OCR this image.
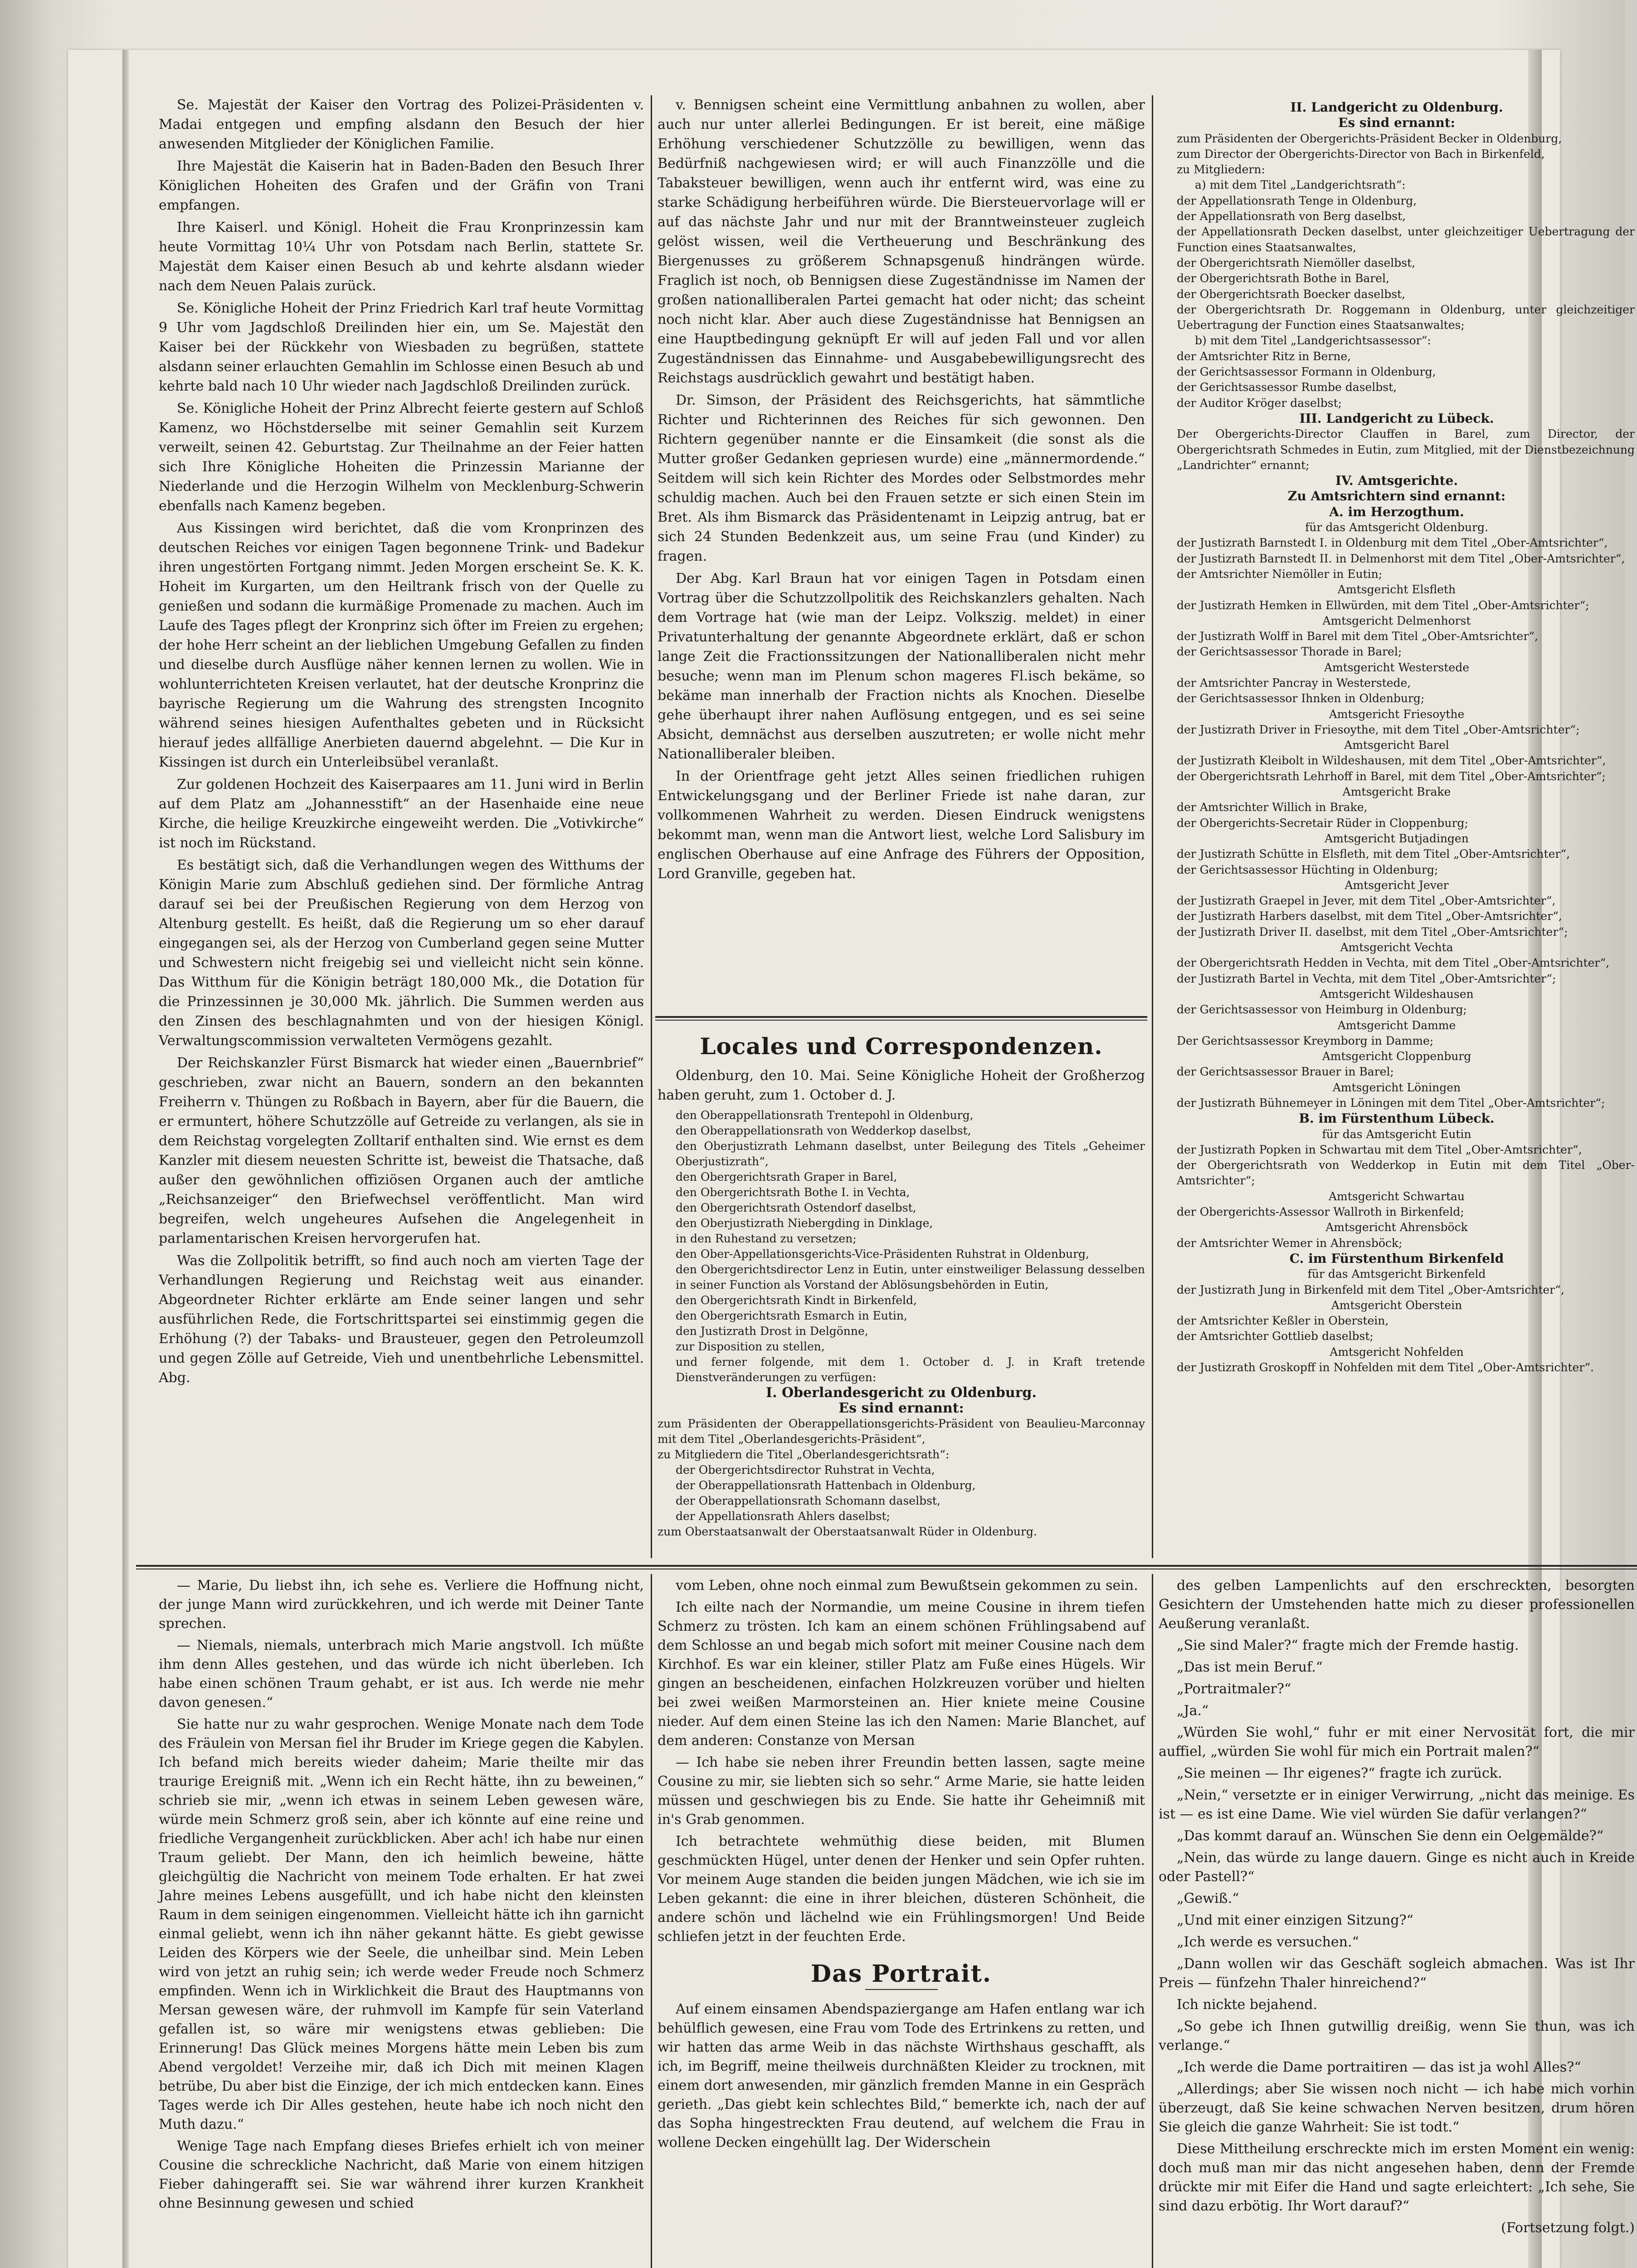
Se. Majestät der Kaiser den Vortrag des Polizei-Präsidenten v. Madai entgegen und empfing alsdann den Besuch der hier anwesenden Mitglieder der Königlichen Familie.

Ihre Majestät die Kaiserin hat in Baden-Baden den Besuch Ihrer Königlichen Hoheiten des Grafen und der Gräfin von Trani empfangen.

Ihre Kaiserl. und Königl. Hoheit die Frau Kronprinzessin kam heute Vormittag 10¼ Uhr von Potsdam nach Berlin, stattete Sr. Majestät dem Kaiser einen Besuch ab und kehrte alsdann wieder nach dem Neuen Palais zurück.

Se. Königliche Hoheit der Prinz Friedrich Karl traf heute Vormittag 9 Uhr vom Jagdschloß Dreilinden hier ein, um Se. Majestät den Kaiser bei der Rückkehr von Wiesbaden zu begrüßen, stattete alsdann seiner erlauchten Gemahlin im Schlosse einen Besuch ab und kehrte bald nach 10 Uhr wieder nach Jagdschloß Dreilinden zurück.

Se. Königliche Hoheit der Prinz Albrecht feierte gestern auf Schloß Kamenz, wo Höchstderselbe mit seiner Gemahlin seit Kurzem verweilt, seinen 42. Geburtstag. Zur Theilnahme an der Feier hatten sich Ihre Königliche Hoheiten die Prinzessin Marianne der Niederlande und die Herzogin Wilhelm von Mecklenburg-Schwerin ebenfalls nach Kamenz begeben.

Aus Kissingen wird berichtet, daß die vom Kronprinzen des deutschen Reiches vor einigen Tagen begonnene Trink- und Badekur ihren ungestörten Fortgang nimmt. Jeden Morgen erscheint Se. K. K. Hoheit im Kurgarten, um den Heiltrank frisch von der Quelle zu genießen und sodann die kurmäßige Promenade zu machen. Auch im Laufe des Tages pflegt der Kronprinz sich öfter im Freien zu ergehen; der hohe Herr scheint an der lieblichen Umgebung Gefallen zu finden und dieselbe durch Ausflüge näher kennen lernen zu wollen. Wie in wohlunterrichteten Kreisen verlautet, hat der deutsche Kronprinz die bayrische Regierung um die Wahrung des strengsten Incognito während seines hiesigen Aufenthaltes gebeten und in Rücksicht hierauf jedes allfällige Anerbieten dauernd abgelehnt. — Die Kur in Kissingen ist durch ein Unterleibsübel veranlaßt.

Zur goldenen Hochzeit des Kaiserpaares am 11. Juni wird in Berlin auf dem Platz am „Johannesstift“ an der Hasenhaide eine neue Kirche, die heilige Kreuzkirche eingeweiht werden. Die „Votivkirche“ ist noch im Rückstand.

Es bestätigt sich, daß die Verhandlungen wegen des Witthums der Königin Marie zum Abschluß gediehen sind. Der förmliche Antrag darauf sei bei der Preußischen Regierung von dem Herzog von Altenburg gestellt. Es heißt, daß die Regierung um so eher darauf eingegangen sei, als der Herzog von Cumberland gegen seine Mutter und Schwestern nicht freigebig sei und vielleicht nicht sein könne. Das Witthum für die Königin beträgt 180,000 Mk., die Dotation für die Prinzessinnen je 30,000 Mk. jährlich. Die Summen werden aus den Zinsen des beschlagnahmten und von der hiesigen Königl. Verwaltungscommission verwalteten Vermögens gezahlt.

Der Reichskanzler Fürst Bismarck hat wieder einen „Bauernbrief“ geschrieben, zwar nicht an Bauern, sondern an den bekannten Freiherrn v. Thüngen zu Roßbach in Bayern, aber für die Bauern, die er ermuntert, höhere Schutzzölle auf Getreide zu verlangen, als sie in dem Reichstag vorgelegten Zolltarif enthalten sind. Wie ernst es dem Kanzler mit diesem neuesten Schritte ist, beweist die Thatsache, daß außer den gewöhnlichen offiziösen Organen auch der amtliche „Reichsanzeiger“ den Briefwechsel veröffentlicht. Man wird begreifen, welch ungeheures Aufsehen die Angelegenheit in parlamentarischen Kreisen hervorgerufen hat.

Was die Zollpolitik betrifft, so find auch noch am vierten Tage der Verhandlungen Regierung und Reichstag weit aus einander. Abgeordneter Richter erklärte am Ende seiner langen und sehr ausführlichen Rede, die Fortschrittspartei sei einstimmig gegen die Erhöhung (?) der Tabaks- und Brausteuer, gegen den Petroleumzoll und gegen Zölle auf Getreide, Vieh und unentbehrliche Lebensmittel. Abg.

v. Bennigsen scheint eine Vermittlung anbahnen zu wollen, aber auch nur unter allerlei Bedingungen. Er ist bereit, eine mäßige Erhöhung verschiedener Schutzzölle zu bewilligen, wenn das Bedürfniß nachgewiesen wird; er will auch Finanzzölle und die Tabaksteuer bewilligen, wenn auch ihr entfernt wird, was eine zu starke Schädigung herbeiführen würde. Die Biersteuervorlage will er auf das nächste Jahr und nur mit der Branntweinsteuer zugleich gelöst wissen, weil die Vertheuerung und Beschränkung des Biergenusses zu größerem Schnapsgenuß hindrängen würde. Fraglich ist noch, ob Bennigsen diese Zugeständnisse im Namen der großen nationalliberalen Partei gemacht hat oder nicht; das scheint noch nicht klar. Aber auch diese Zugeständnisse hat Bennigsen an eine Hauptbedingung geknüpft Er will auf jeden Fall und vor allen Zugeständnissen das Einnahme- und Ausgabebewilligungsrecht des Reichstags ausdrücklich gewahrt und bestätigt haben.

Dr. Simson, der Präsident des Reichsgerichts, hat sämmtliche Richter und Richterinnen des Reiches für sich gewonnen. Den Richtern gegenüber nannte er die Einsamkeit (die sonst als die Mutter großer Gedanken gepriesen wurde) eine „männermordende.“ Seitdem will sich kein Richter des Mordes oder Selbstmordes mehr schuldig machen. Auch bei den Frauen setzte er sich einen Stein im Bret. Als ihm Bismarck das Präsidentenamt in Leipzig antrug, bat er sich 24 Stunden Bedenkzeit aus, um seine Frau (und Kinder) zu fragen.

Der Abg. Karl Braun hat vor einigen Tagen in Potsdam einen Vortrag über die Schutzzollpolitik des Reichskanzlers gehalten. Nach dem Vortrage hat (wie man der Leipz. Volkszig. meldet) in einer Privatunterhaltung der genannte Abgeordnete erklärt, daß er schon lange Zeit die Fractionssitzungen der Nationalliberalen nicht mehr besuche; wenn man im Plenum schon mageres Fl.isch bekäme, so bekäme man innerhalb der Fraction nichts als Knochen. Dieselbe gehe überhaupt ihrer nahen Auflösung entgegen, und es sei seine Absicht, demnächst aus derselben auszutreten; er wolle nicht mehr Nationalliberaler bleiben.

In der Orientfrage geht jetzt Alles seinen friedlichen ruhigen Entwickelungsgang und der Berliner Friede ist nahe daran, zur vollkommenen Wahrheit zu werden. Diesen Eindruck wenigstens bekommt man, wenn man die Antwort liest, welche Lord Salisbury im englischen Oberhause auf eine Anfrage des Führers der Opposition, Lord Granville, gegeben hat.

Locales und Correspondenzen.

Oldenburg, den 10. Mai. Seine Königliche Hoheit der Großherzog haben geruht, zum 1. October d. J.

den Oberappellationsrath Trentepohl in Oldenburg,

den Oberappellationsrath von Wedderkop daselbst,

den Oberjustizrath Lehmann daselbst, unter Beilegung des Titels „Geheimer Oberjustizrath“,

den Obergerichtsrath Graper in Barel,

den Obergerichtsrath Bothe I. in Vechta,

den Obergerichtsrath Ostendorf daselbst,

den Oberjustizrath Niebergding in Dinklage,

in den Ruhestand zu versetzen;

den Ober-Appellationsgerichts-Vice-Präsidenten Ruhstrat in Oldenburg,

den Obergerichtsdirector Lenz in Eutin, unter einstweiliger Belassung desselben in seiner Function als Vorstand der Ablösungsbehörden in Eutin,

den Obergerichtsrath Kindt in Birkenfeld,

den Obergerichtsrath Esmarch in Eutin,

den Justizrath Drost in Delgönne,

zur Disposition zu stellen,

und ferner folgende, mit dem 1. October d. J. in Kraft tretende Dienstveränderungen zu verfügen:

I. Oberlandesgericht zu Oldenburg.

Es sind ernannt:

zum Präsidenten der Oberappellationsgerichts-Präsident von Beaulieu-Marconnay mit dem Titel „Oberlandesgerichts-Präsident“,

zu Mitgliedern die Titel „Oberlandesgerichtsrath“:

der Obergerichtsdirector Ruhstrat in Vechta,

der Oberappellationsrath Hattenbach in Oldenburg,

der Oberappellationsrath Schomann daselbst,

der Appellationsrath Ahlers daselbst;

zum Oberstaatsanwalt der Oberstaatsanwalt Rüder in Oldenburg.

II. Landgericht zu Oldenburg.

Es sind ernannt:

zum Präsidenten der Obergerichts-Präsident Becker in Oldenburg,

zum Director der Obergerichts-Director von Bach in Birkenfeld,

zu Mitgliedern:

a) mit dem Titel „Landgerichtsrath“:

der Appellationsrath Tenge in Oldenburg,

der Appellationsrath von Berg daselbst,

der Appellationsrath Decken daselbst, unter gleichzeitiger Uebertragung der Function eines Staatsanwaltes,

der Obergerichtsrath Niemöller daselbst,

der Obergerichtsrath Bothe in Barel,

der Obergerichtsrath Boecker daselbst,

der Obergerichtsrath Dr. Roggemann in Oldenburg, unter gleichzeitiger Uebertragung der Function eines Staatsanwaltes;

b) mit dem Titel „Landgerichtsassessor“:

der Amtsrichter Ritz in Berne,

der Gerichtsassessor Formann in Oldenburg,

der Gerichtsassessor Rumbe daselbst,

der Auditor Kröger daselbst;

III. Landgericht zu Lübeck.

Der Obergerichts-Director Clauffen in Barel, zum Director, der Obergerichtsrath Schmedes in Eutin, zum Mitglied, mit der Dienstbezeichnung „Landrichter“ ernannt;

IV. Amtsgerichte.

Zu Amtsrichtern sind ernannt:

A. im Herzogthum.

für das Amtsgericht Oldenburg.

der Justizrath Barnstedt I. in Oldenburg mit dem Titel „Ober-Amtsrichter“,

der Justizrath Barnstedt II. in Delmenhorst mit dem Titel „Ober-Amtsrichter“,

der Amtsrichter Niemöller in Eutin;

Amtsgericht Elsfleth

der Justizrath Hemken in Ellwürden, mit dem Titel „Ober-Amtsrichter“;

Amtsgericht Delmenhorst

der Justizrath Wolff in Barel mit dem Titel „Ober-Amtsrichter“,

der Gerichtsassessor Thorade in Barel;

Amtsgericht Westerstede

der Amtsrichter Pancray in Westerstede,

der Gerichtsassessor Ihnken in Oldenburg;

Amtsgericht Friesoythe

der Justizrath Driver in Friesoythe, mit dem Titel „Ober-Amtsrichter“;

Amtsgericht Barel

der Justizrath Kleibolt in Wildeshausen, mit dem Titel „Ober-Amtsrichter“,

der Obergerichtsrath Lehrhoff in Barel, mit dem Titel „Ober-Amtsrichter“;

Amtsgericht Brake

der Amtsrichter Willich in Brake,

der Obergerichts-Secretair Rüder in Cloppenburg;

Amtsgericht Butjadingen

der Justizrath Schütte in Elsfleth, mit dem Titel „Ober-Amtsrichter“,

der Gerichtsassessor Hüchting in Oldenburg;

Amtsgericht Jever

der Justizrath Graepel in Jever, mit dem Titel „Ober-Amtsrichter“,

der Justizrath Harbers daselbst, mit dem Titel „Ober-Amtsrichter“,

der Justizrath Driver II. daselbst, mit dem Titel „Ober-Amtsrichter“;

Amtsgericht Vechta

der Obergerichtsrath Hedden in Vechta, mit dem Titel „Ober-Amtsrichter“,

der Justizrath Bartel in Vechta, mit dem Titel „Ober-Amtsrichter“;

Amtsgericht Wildeshausen

der Gerichtsassessor von Heimburg in Oldenburg;

Amtsgericht Damme

Der Gerichtsassessor Kreymborg in Damme;

Amtsgericht Cloppenburg

der Gerichtsassessor Brauer in Barel;

Amtsgericht Löningen

der Justizrath Bühnemeyer in Löningen mit dem Titel „Ober-Amtsrichter“;

B. im Fürstenthum Lübeck.

für das Amtsgericht Eutin

der Justizrath Popken in Schwartau mit dem Titel „Ober-Amtsrichter“,

der Obergerichtsrath von Wedderkop in Eutin mit dem Titel „Ober-Amtsrichter“;

Amtsgericht Schwartau

der Obergerichts-Assessor Wallroth in Birkenfeld;

Amtsgericht Ahrensböck

der Amtsrichter Wemer in Ahrensböck;

C. im Fürstenthum Birkenfeld

für das Amtsgericht Birkenfeld

der Justizrath Jung in Birkenfeld mit dem Titel „Ober-Amtsrichter“,

Amtsgericht Oberstein

der Amtsrichter Keßler in Oberstein,

der Amtsrichter Gottlieb daselbst;

Amtsgericht Nohfelden

der Justizrath Groskopff in Nohfelden mit dem Titel „Ober-Amtsrichter“.

— Marie, Du liebst ihn, ich sehe es. Verliere die Hoffnung nicht, der junge Mann wird zurückkehren, und ich werde mit Deiner Tante sprechen.

— Niemals, niemals, unterbrach mich Marie angstvoll. Ich müßte ihm denn Alles gestehen, und das würde ich nicht überleben. Ich habe einen schönen Traum gehabt, er ist aus. Ich werde nie mehr davon genesen.“

Sie hatte nur zu wahr gesprochen. Wenige Monate nach dem Tode des Fräulein von Mersan fiel ihr Bruder im Kriege gegen die Kabylen. Ich befand mich bereits wieder daheim; Marie theilte mir das traurige Ereigniß mit. „Wenn ich ein Recht hätte, ihn zu beweinen,“ schrieb sie mir, „wenn ich etwas in seinem Leben gewesen wäre, würde mein Schmerz groß sein, aber ich könnte auf eine reine und friedliche Vergangenheit zurückblicken. Aber ach! ich habe nur einen Traum geliebt. Der Mann, den ich heimlich beweine, hätte gleichgültig die Nachricht von meinem Tode erhalten. Er hat zwei Jahre meines Lebens ausgefüllt, und ich habe nicht den kleinsten Raum in dem seinigen eingenommen. Vielleicht hätte ich ihn garnicht einmal geliebt, wenn ich ihn näher gekannt hätte. Es giebt gewisse Leiden des Körpers wie der Seele, die unheilbar sind. Mein Leben wird von jetzt an ruhig sein; ich werde weder Freude noch Schmerz empfinden. Wenn ich in Wirklichkeit die Braut des Hauptmanns von Mersan gewesen wäre, der ruhmvoll im Kampfe für sein Vaterland gefallen ist, so wäre mir wenigstens etwas geblieben: Die Erinnerung! Das Glück meines Morgens hätte mein Leben bis zum Abend vergoldet! Verzeihe mir, daß ich Dich mit meinen Klagen betrübe, Du aber bist die Einzige, der ich mich entdecken kann. Eines Tages werde ich Dir Alles gestehen, heute habe ich noch nicht den Muth dazu.“

Wenige Tage nach Empfang dieses Briefes erhielt ich von meiner Cousine die schreckliche Nachricht, daß Marie von einem hitzigen Fieber dahingerafft sei. Sie war während ihrer kurzen Krankheit ohne Besinnung gewesen und schied

vom Leben, ohne noch einmal zum Bewußtsein gekommen zu sein.

Ich eilte nach der Normandie, um meine Cousine in ihrem tiefen Schmerz zu trösten. Ich kam an einem schönen Frühlingsabend auf dem Schlosse an und begab mich sofort mit meiner Cousine nach dem Kirchhof. Es war ein kleiner, stiller Platz am Fuße eines Hügels. Wir gingen an bescheidenen, einfachen Holzkreuzen vorüber und hielten bei zwei weißen Marmorsteinen an. Hier kniete meine Cousine nieder. Auf dem einen Steine las ich den Namen: Marie Blanchet, auf dem anderen: Constanze von Mersan

— Ich habe sie neben ihrer Freundin betten lassen, sagte meine Cousine zu mir, sie liebten sich so sehr.“ Arme Marie, sie hatte leiden müssen und geschwiegen bis zu Ende. Sie hatte ihr Geheimniß mit in's Grab genommen.

Ich betrachtete wehmüthig diese beiden, mit Blumen geschmückten Hügel, unter denen der Henker und sein Opfer ruhten. Vor meinem Auge standen die beiden jungen Mädchen, wie ich sie im Leben gekannt: die eine in ihrer bleichen, düsteren Schönheit, die andere schön und lächelnd wie ein Frühlingsmorgen! Und Beide schliefen jetzt in der feuchten Erde.

Das Portrait.

Auf einem einsamen Abendspaziergange am Hafen entlang war ich behülflich gewesen, eine Frau vom Tode des Ertrinkens zu retten, und wir hatten das arme Weib in das nächste Wirthshaus geschafft, als ich, im Begriff, meine theilweis durchnäßten Kleider zu trocknen, mit einem dort anwesenden, mir gänzlich fremden Manne in ein Gespräch gerieth. „Das giebt kein schlechtes Bild,“ bemerkte ich, nach der auf das Sopha hingestreckten Frau deutend, auf welchem die Frau in wollene Decken eingehüllt lag. Der Widerschein

des gelben Lampenlichts auf den erschreckten, besorgten Gesichtern der Umstehenden hatte mich zu dieser professionellen Aeußerung veranlaßt.

„Sie sind Maler?“ fragte mich der Fremde hastig.

„Das ist mein Beruf.“

„Portraitmaler?“

„Ja.“

„Würden Sie wohl,“ fuhr er mit einer Nervosität fort, die mir auffiel, „würden Sie wohl für mich ein Portrait malen?“

„Sie meinen — Ihr eigenes?“ fragte ich zurück.

„Nein,“ versetzte er in einiger Verwirrung, „nicht das meinige. Es ist — es ist eine Dame. Wie viel würden Sie dafür verlangen?“

„Das kommt darauf an. Wünschen Sie denn ein Oelgemälde?“

„Nein, das würde zu lange dauern. Ginge es nicht auch in Kreide oder Pastell?“

„Gewiß.“

„Und mit einer einzigen Sitzung?“

„Ich werde es versuchen.“

„Dann wollen wir das Geschäft sogleich abmachen. Was ist Ihr Preis — fünfzehn Thaler hinreichend?“

Ich nickte bejahend.

„So gebe ich Ihnen gutwillig dreißig, wenn Sie thun, was ich verlange.“

„Ich werde die Dame portraitiren — das ist ja wohl Alles?“

„Allerdings; aber Sie wissen noch nicht — ich habe mich vorhin überzeugt, daß Sie keine schwachen Nerven besitzen, drum hören Sie gleich die ganze Wahrheit: Sie ist todt.“

Diese Mittheilung erschreckte mich im ersten Moment ein wenig: doch muß man mir das nicht angesehen haben, denn der Fremde drückte mir mit Eifer die Hand und sagte erleichtert: „Ich sehe, Sie sind dazu erbötig. Ihr Wort darauf?“

(Fortsetzung folgt.)
